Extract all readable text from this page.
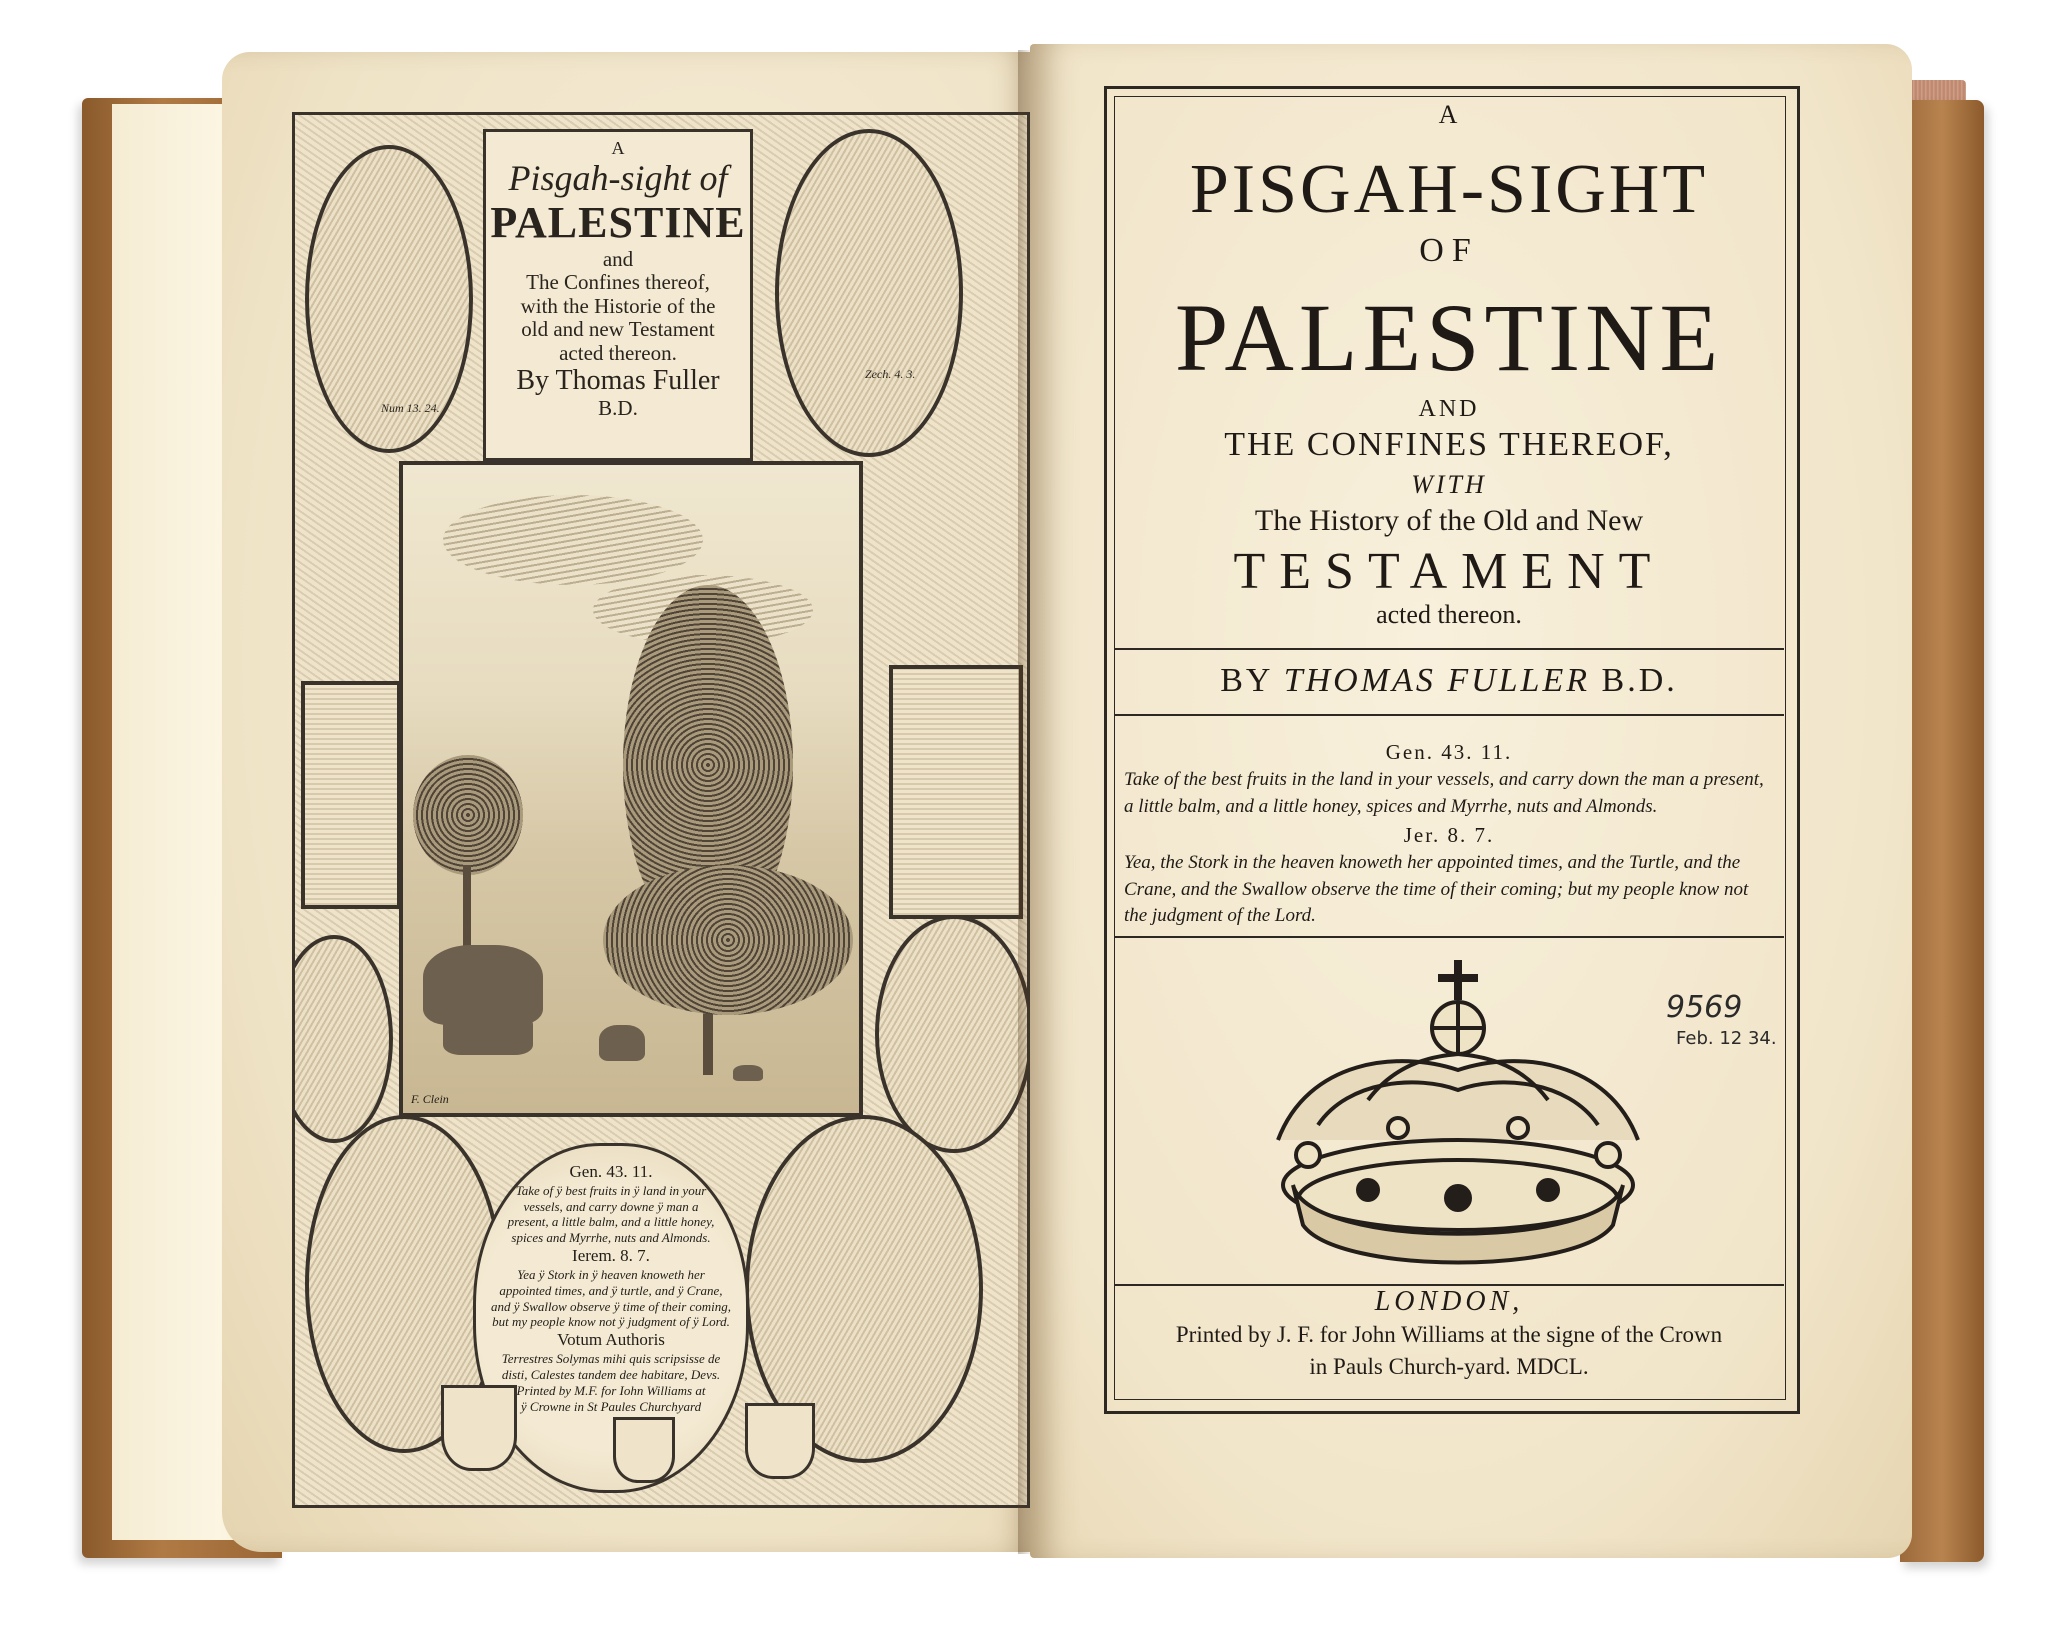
Num 13. 24.
Zech. 4. 3.
A
Pisgah-sight of
PALESTINE
and
The Confines thereof,
with the Historie of the
old and new Testament
acted thereon.
By Thomas Fuller
B.D.
F. Clein
Gen. 43. 11.
Take of ÿ best fruits in ÿ land in your vessels, and carry downe ÿ man a present, a little balm, and a little honey, spices and Myrrhe, nuts and Almonds.
Ierem. 8. 7.
Yea ÿ Stork in ÿ heaven knoweth her appointed times, and ÿ turtle, and ÿ Crane, and ÿ Swallow observe ÿ time of their coming, but my people know not ÿ judgment of ÿ Lord.
Votum Authoris
Terrestres Solymas mihi quis scripsisse de disti, Calestes tandem dee habitare, Devs.
Printed by M.F. for Iohn Williams at ÿ Crowne in St Paules Churchyard
A
PISGAH-SIGHT
OF
PALESTINE
AND
THE CONFINES THEREOF,
WITH
The History of the Old and New
TESTAMENT
acted thereon.
BY THOMAS FULLER B.D.
Gen. 43. 11.
Take of the best fruits in the land in your vessels, and carry down the man a present, a little balm, and a little honey, spices and Myrrhe, nuts and Almonds.
Jer. 8. 7.
Yea, the Stork in the heaven knoweth her appointed times, and the Turtle, and the Crane, and the Swallow observe the time of their coming; but my people know not the judgment of the Lord.
9569
Feb. 12 34.
LONDON,
Printed by J. F. for John Williams at the signe of the Crown
in Pauls Church-yard. MDCL.
